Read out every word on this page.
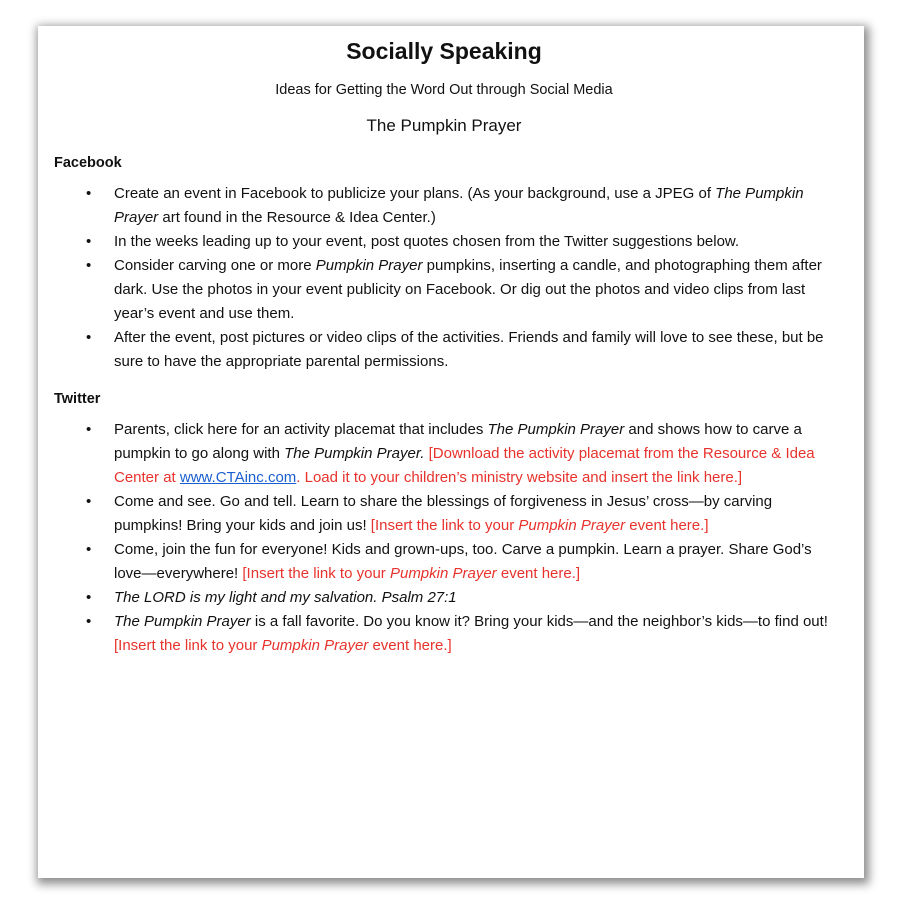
Socially Speaking

Ideas for Getting the Word Out through Social Media

The Pumpkin Prayer

Facebook
• Create an event in Facebook to publicize your plans. (As your background, use a JPEG of The Pumpkin Prayer art found in the Resource & Idea Center.)
• In the weeks leading up to your event, post quotes chosen from the Twitter suggestions below.
• Consider carving one or more Pumpkin Prayer pumpkins, inserting a candle, and photographing them after dark. Use the photos in your event publicity on Facebook. Or dig out the photos and video clips from last year’s event and use them.
• After the event, post pictures or video clips of the activities. Friends and family will love to see these, but be sure to have the appropriate parental permissions.
Twitter
• Parents, click here for an activity placemat that includes The Pumpkin Prayer and shows how to carve a pumpkin to go along with The Pumpkin Prayer. [Download the activity placemat from the Resource & Idea Center at www.CTAinc.com. Load it to your children’s ministry website and insert the link here.]
• Come and see. Go and tell. Learn to share the blessings of forgiveness in Jesus’ cross—by carving pumpkins! Bring your kids and join us! [Insert the link to your Pumpkin Prayer event here.]
• Come, join the fun for everyone! Kids and grown-ups, too. Carve a pumpkin. Learn a prayer. Share God’s love—everywhere! [Insert the link to your Pumpkin Prayer event here.]
• The LORD is my light and my salvation. Psalm 27:1
• The Pumpkin Prayer is a fall favorite. Do you know it? Bring your kids—and the neighbor’s kids—to find out! [Insert the link to your Pumpkin Prayer event here.]
